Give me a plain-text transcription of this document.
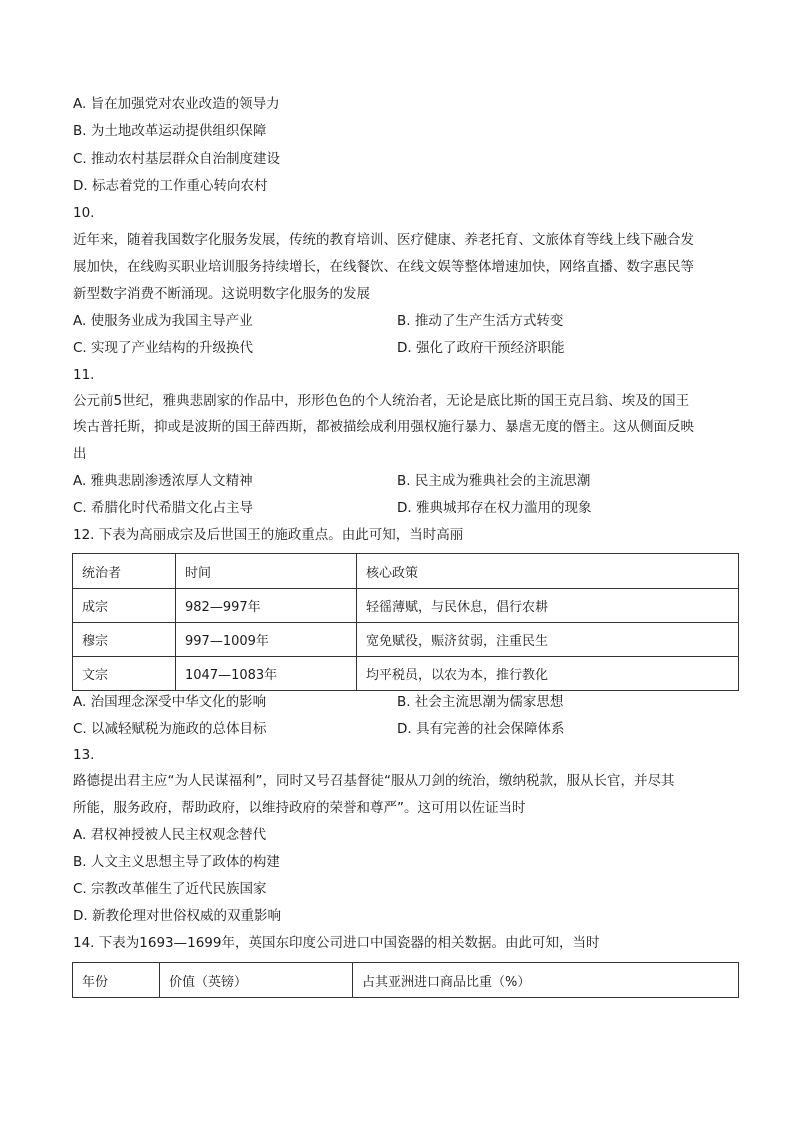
A. 旨在加强党对农业改造的领导力
B. 为土地改革运动提供组织保障
C. 推动农村基层群众自治制度建设
D. 标志着党的工作重心转向农村
10.
近年来，随着我国数字化服务发展，传统的教育培训、医疗健康、养老托育、文旅体育等线上线下融合发
展加快，在线购买职业培训服务持续增长，在线餐饮、在线文娱等整体增速加快，网络直播、数字惠民等
新型数字消费不断涌现。这说明数字化服务的发展
A. 使服务业成为我国主导产业	B. 推动了生产生活方式转变
C. 实现了产业结构的升级换代	D. 强化了政府干预经济职能
11.
公元前5世纪，雅典悲剧家的作品中，形形色色的个人统治者，无论是底比斯的国王克吕翁、埃及的国王
埃古普托斯，抑或是波斯的国王薛西斯，都被描绘成利用强权施行暴力、暴虐无度的僭主。这从侧面反映
出
A. 雅典悲剧渗透浓厚人文精神	B. 民主成为雅典社会的主流思潮
C. 希腊化时代希腊文化占主导	D. 雅典城邦存在权力滥用的现象
12. 下表为高丽成宗及后世国王的施政重点。由此可知，当时高丽
统治者	时间	核心政策
成宗	982—997年	轻徭薄赋，与民休息，倡行农耕
穆宗	997—1009年	宽免赋役，赈济贫弱，注重民生
文宗	1047—1083年	均平税员，以农为本，推行教化
A. 治国理念深受中华文化的影响	B. 社会主流思潮为儒家思想
C. 以减轻赋税为施政的总体目标	D. 具有完善的社会保障体系
13.
路德提出君主应“为人民谋福利”，同时又号召基督徒“服从刀剑的统治，缴纳税款，服从长官，并尽其
所能，服务政府，帮助政府，以维持政府的荣誉和尊严”。这可用以佐证当时
A. 君权神授被人民主权观念替代
B. 人文主义思想主导了政体的构建
C. 宗教改革催生了近代民族国家
D. 新教伦理对世俗权威的双重影响
14. 下表为1693—1699年，英国东印度公司进口中国瓷器的相关数据。由此可知，当时
年份	价值（英镑）	占其亚洲进口商品比重（%）
